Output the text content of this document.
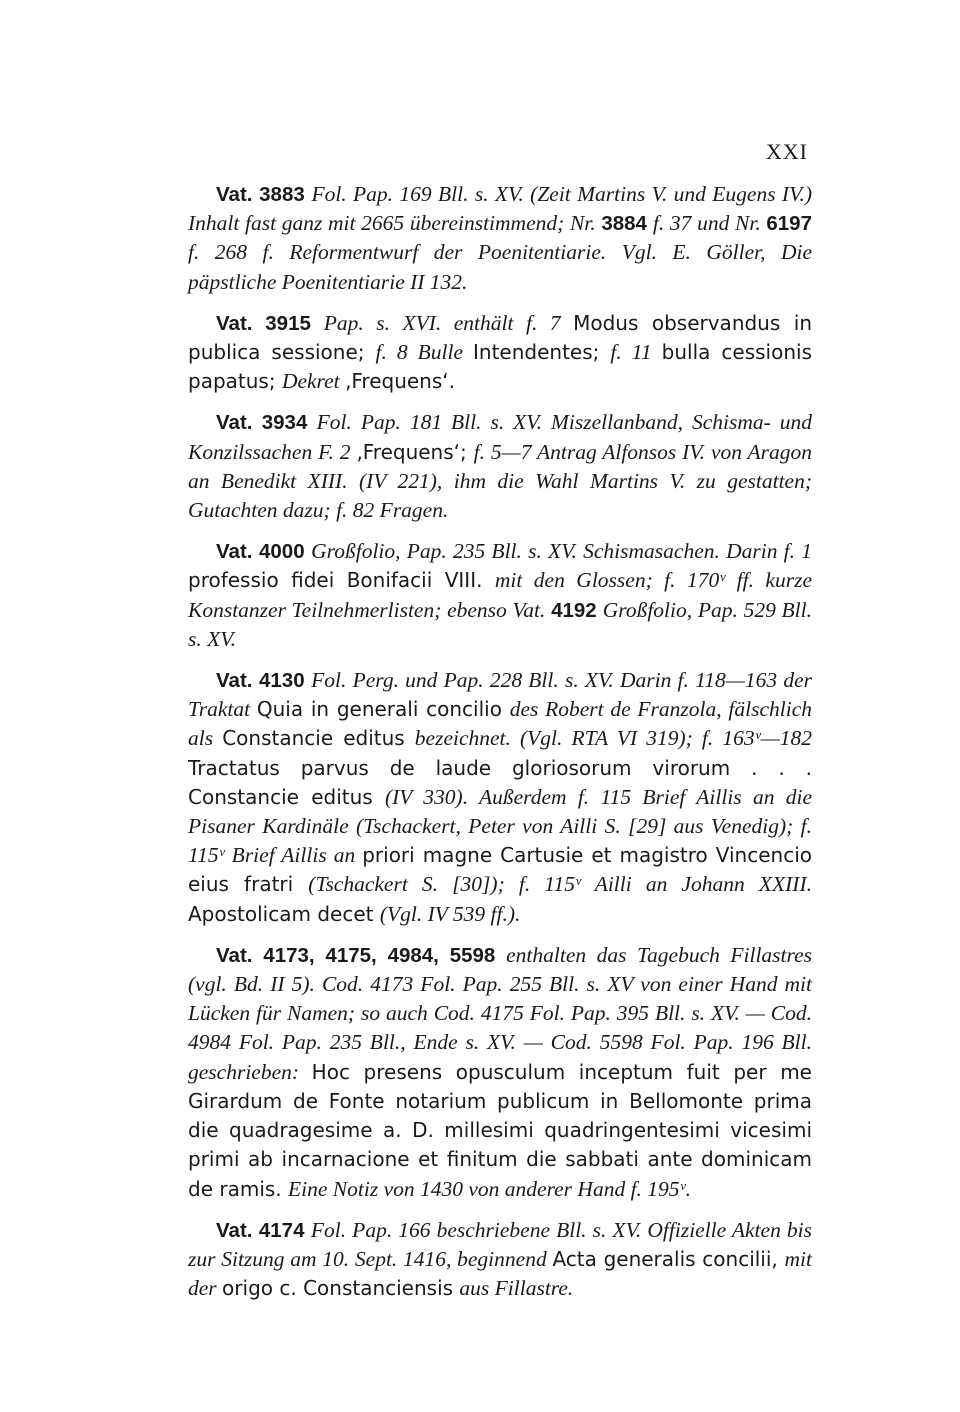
XXI

Vat. 3883 Fol. Pap. 169 Bll. s. XV. (Zeit Martins V. und Eugens IV.) Inhalt fast ganz mit 2665 übereinstimmend; Nr. 3884 f. 37 und Nr. 6197 f. 268 f. Reformentwurf der Poenitentiarie. Vgl. E. Göller, Die päpstliche Poenitentiarie II 132.

Vat. 3915 Pap. s. XVI. enthält f. 7 Modus observandus in publica sessione; f. 8 Bulle Intendentes; f. 11 bulla cessionis papatus; Dekret ‚Frequens‘.

Vat. 3934 Fol. Pap. 181 Bll. s. XV. Miszellanband, Schisma- und Konzilssachen F. 2 ‚Frequens‘; f. 5—7 Antrag Alfonsos IV. von Aragon an Benedikt XIII. (IV 221), ihm die Wahl Martins V. zu gestatten; Gutachten dazu; f. 82 Fragen.

Vat. 4000 Großfolio, Pap. 235 Bll. s. XV. Schismasachen. Darin f. 1 professio fidei Bonifacii VIII. mit den Glossen; f. 170ᵛ ff. kurze Konstanzer Teilnehmerlisten; ebenso Vat. 4192 Großfolio, Pap. 529 Bll. s. XV.

Vat. 4130 Fol. Perg. und Pap. 228 Bll. s. XV. Darin f. 118—163 der Traktat Quia in generali concilio des Robert de Franzola, fälschlich als Constancie editus bezeichnet. (Vgl. RTA VI 319); f. 163ᵛ—182 Tractatus parvus de laude gloriosorum virorum . . . Constancie editus (IV 330). Außerdem f. 115 Brief Aillis an die Pisaner Kardinäle (Tschackert, Peter von Ailli S. [29] aus Venedig); f. 115ᵛ Brief Aillis an priori magne Cartusie et magistro Vincencio eius fratri (Tschackert S. [30]); f. 115ᵛ Ailli an Johann XXIII. Apostolicam decet (Vgl. IV 539 ff.).

Vat. 4173, 4175, 4984, 5598 enthalten das Tagebuch Fillastres (vgl. Bd. II 5). Cod. 4173 Fol. Pap. 255 Bll. s. XV von einer Hand mit Lücken für Namen; so auch Cod. 4175 Fol. Pap. 395 Bll. s. XV. — Cod. 4984 Fol. Pap. 235 Bll., Ende s. XV. — Cod. 5598 Fol. Pap. 196 Bll. geschrieben: Hoc presens opusculum inceptum fuit per me Girardum de Fonte notarium publicum in Bellomonte prima die quadragesime a. D. millesimi quadringentesimi vicesimi primi ab incarnacione et finitum die sabbati ante dominicam de ramis. Eine Notiz von 1430 von anderer Hand f. 195ᵛ.

Vat. 4174 Fol. Pap. 166 beschriebene Bll. s. XV. Offizielle Akten bis zur Sitzung am 10. Sept. 1416, beginnend Acta generalis concilii, mit der origo c. Constanciensis aus Fillastre.
